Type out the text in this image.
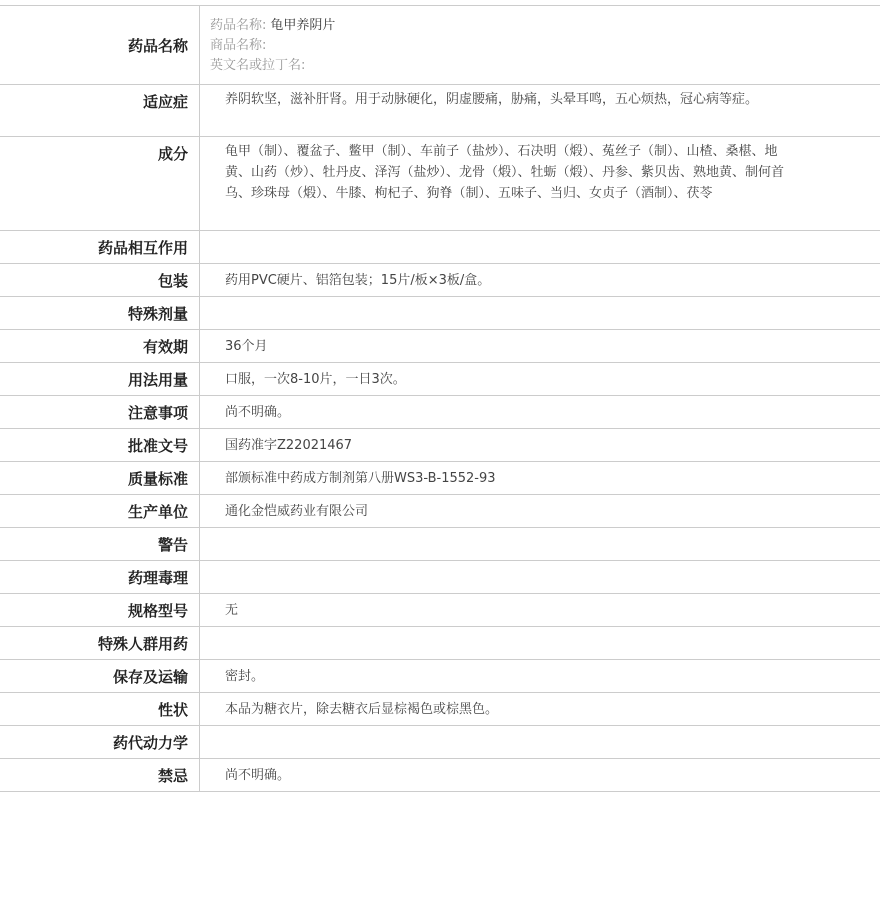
药品名称
药品名称: 龟甲养阴片
商品名称:
英文名或拉丁名:
适应症	养阴软坚，滋补肝肾。用于动脉硬化，阴虚腰痛，胁痛，头晕耳鸣，五心烦热，冠心病等症。
成分	龟甲（制）、覆盆子、鳖甲（制）、车前子（盐炒）、石决明（煅）、菟丝子（制）、山楂、桑椹、地黄、山药（炒）、牡丹皮、泽泻（盐炒）、龙骨（煅）、牡蛎（煅）、丹参、紫贝齿、熟地黄、制何首乌、珍珠母（煅）、牛膝、枸杞子、狗脊（制）、五味子、当归、女贞子（酒制）、茯苓
药品相互作用
包装	药用PVC硬片、铝箔包装；15片/板×3板/盒。
特殊剂量
有效期	36个月
用法用量	口服，一次8-10片，一日3次。
注意事项	尚不明确。
批准文号	国药准字Z22021467
质量标准	部颁标准中药成方制剂第八册WS3-B-1552-93
生产单位	通化金恺威药业有限公司
警告
药理毒理
规格型号	无
特殊人群用药
保存及运输	密封。
性状	本品为糖衣片，除去糖衣后显棕褐色或棕黑色。
药代动力学
禁忌	尚不明确。
